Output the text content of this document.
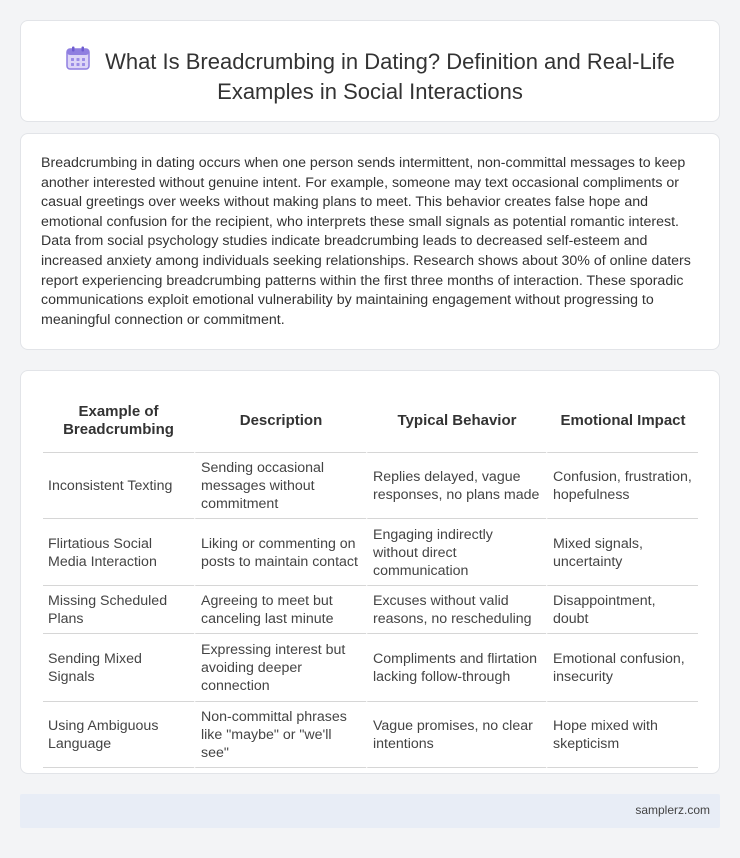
What Is Breadcrumbing in Dating? Definition and Real-Life Examples in Social Interactions

Breadcrumbing in dating occurs when one person sends intermittent, non-committal messages to keep another interested without genuine intent. For example, someone may text occasional compliments or casual greetings over weeks without making plans to meet. This behavior creates false hope and emotional confusion for the recipient, who interprets these small signals as potential romantic interest. Data from social psychology studies indicate breadcrumbing leads to decreased self-esteem and increased anxiety among individuals seeking relationships. Research shows about 30% of online daters report experiencing breadcrumbing patterns within the first three months of interaction. These sporadic communications exploit emotional vulnerability by maintaining engagement without progressing to meaningful connection or commitment.

Example of Breadcrumbing	Description	Typical Behavior	Emotional Impact
Inconsistent Texting	Sending occasional messages without commitment	Replies delayed, vague responses, no plans made	Confusion, frustration, hopefulness
Flirtatious Social Media Interaction	Liking or commenting on posts to maintain contact	Engaging indirectly without direct communication	Mixed signals, uncertainty
Missing Scheduled Plans	Agreeing to meet but canceling last minute	Excuses without valid reasons, no rescheduling	Disappointment, doubt
Sending Mixed Signals	Expressing interest but avoiding deeper connection	Compliments and flirtation lacking follow-through	Emotional confusion, insecurity
Using Ambiguous Language	Non-committal phrases like "maybe" or "we'll see"	Vague promises, no clear intentions	Hope mixed with skepticism
samplerz.com
